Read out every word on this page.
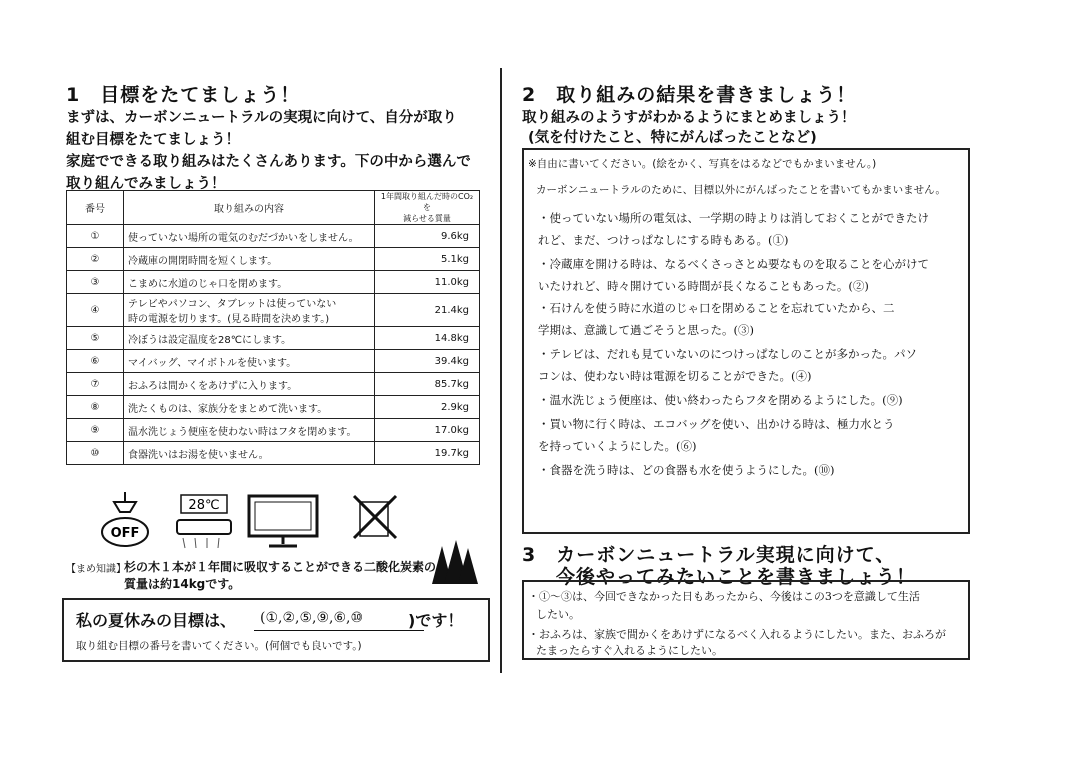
1　目標をたてましょう！
まずは、カーボンニュートラルの実現に向けて、自分が取り
組む目標をたてましょう！
家庭でできる取り組みはたくさんあります。下の中から選んで
取り組んでみましょう！
番号	取り組みの内容	1年間取り組んだ時のCO₂を
減らせる質量

①	使っていない場所の電気のむだづかいをしません。	9.6kg
②	冷蔵庫の開閉時間を短くします。	5.1kg
③	こまめに水道のじゃ口を閉めます。	11.0kg
④	テレビやパソコン、タブレットは使っていない
時の電源を切ります。(見る時間を決めます。)	21.4kg
⑤	冷ぼうは設定温度を28℃にします。	14.8kg
⑥	マイバッグ、マイボトルを使います。	39.4kg
⑦	おふろは間かくをあけずに入ります。	85.7kg
⑧	洗たくものは、家族分をまとめて洗います。	2.9kg
⑨	温水洗じょう便座を使わない時はフタを閉めます。	17.0kg
⑩	食器洗いはお湯を使いません。	19.7kg
OFF
28℃
【まめ知識】
杉の木１本が１年間に吸収することができる二酸化炭素の
質量は約14kgです。
私の夏休みの目標は、 (①,②,⑤,⑨,⑥,⑩	)です！
取り組む目標の番号を書いてください。(何個でも良いです。)
2　取り組みの結果を書きましょう！
取り組みのようすがわかるようにまとめましょう！
(気を付けたこと、特にがんばったことなど)
※自由に書いてください。(絵をかく、写真をはるなどでもかまいません。)
カーボンニュートラルのために、目標以外にがんばったことを書いてもかまいません。
・使っていない場所の電気は、一学期の時よりは消しておくことができたけ
れど、まだ、つけっぱなしにする時もある。(①)
・冷蔵庫を開ける時は、なるべくさっさとぬ要なものを取ることを心がけて
いたけれど、時々開けている時間が長くなることもあった。(②)
・石けんを使う時に水道のじゃ口を閉めることを忘れていたから、二
学期は、意識して過ごそうと思った。(③)
・テレビは、だれも見ていないのにつけっぱなしのことが多かった。パソ
コンは、使わない時は電源を切ることができた。(④)
・温水洗じょう便座は、使い終わったらフタを閉めるようにした。(⑨)
・買い物に行く時は、エコバッグを使い、出かける時は、極力水とう
を持っていくようにした。(⑥)
・食器を洗う時は、どの食器も水を使うようにした。(⑩)
3　カーボンニュートラル実現に向けて、
今後やってみたいことを書きましょう！
・①～③は、今回できなかった日もあったから、今後はこの3つを意識して生活
したい。
・おふろは、家族で間かくをあけずになるべく入れるようにしたい。また、おふろが
たまったらすぐ入れるようにしたい。
